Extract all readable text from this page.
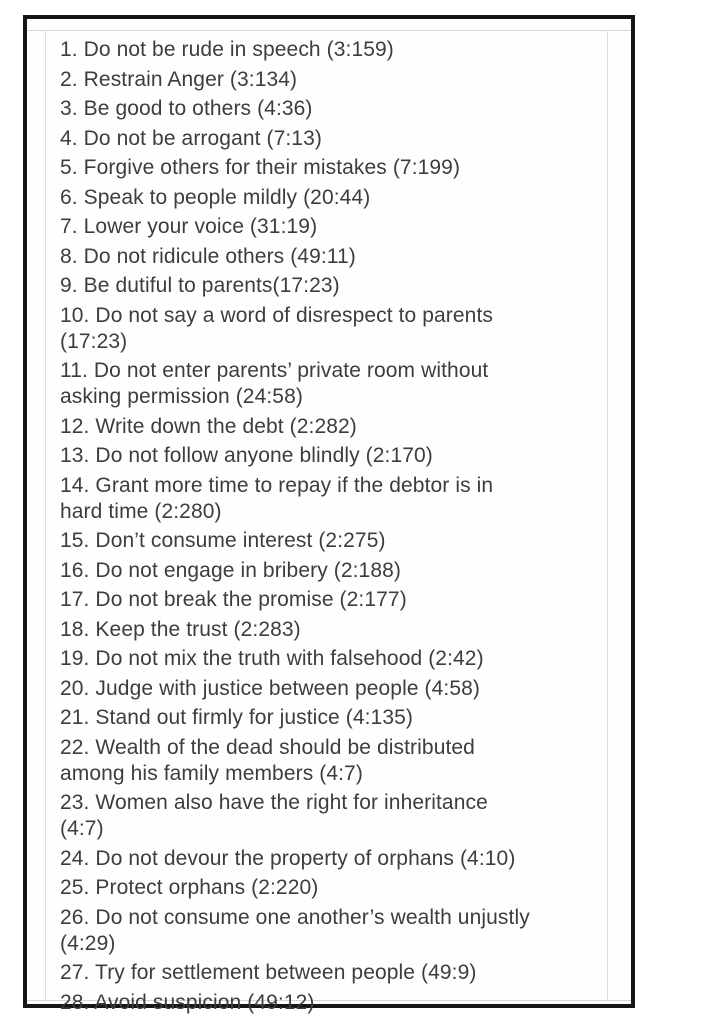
1. Do not be rude in speech (3:159)
2. Restrain Anger (3:134)
3. Be good to others (4:36)
4. Do not be arrogant (7:13)
5. Forgive others for their mistakes (7:199)
6. Speak to people mildly (20:44)
7. Lower your voice (31:19)
8. Do not ridicule others (49:11)
9. Be dutiful to parents(17:23)
10. Do not say a word of disrespect to parents
(17:23)
11. Do not enter parents’ private room without
asking permission (24:58)
12. Write down the debt (2:282)
13. Do not follow anyone blindly (2:170)
14. Grant more time to repay if the debtor is in
hard time (2:280)
15. Don’t consume interest (2:275)
16. Do not engage in bribery (2:188)
17. Do not break the promise (2:177)
18. Keep the trust (2:283)
19. Do not mix the truth with falsehood (2:42)
20. Judge with justice between people (4:58)
21. Stand out firmly for justice (4:135)
22. Wealth of the dead should be distributed
among his family members (4:7)
23. Women also have the right for inheritance
(4:7)
24. Do not devour the property of orphans (4:10)
25. Protect orphans (2:220)
26. Do not consume one another’s wealth unjustly
(4:29)
27. Try for settlement between people (49:9)
28. Avoid suspicion (49:12)
